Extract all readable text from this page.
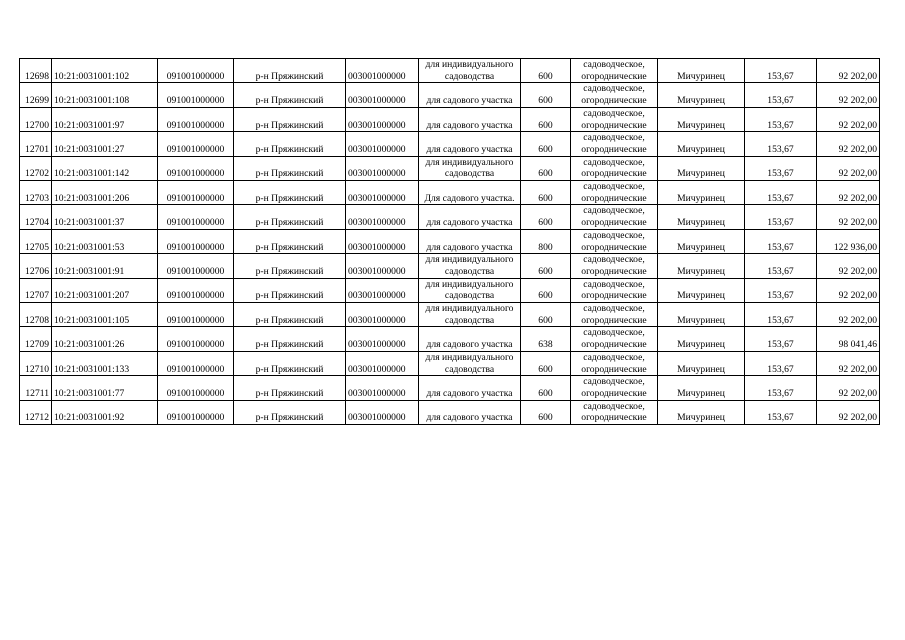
12698	10:21:0031001:102	091001000000	р-н Пряжинский	003001000000	для индивидуального садоводства	600	садоводческое, огороднические	Мичуринец	153,67	92 202,00
12699	10:21:0031001:108	091001000000	р-н Пряжинский	003001000000	для садового участка	600	садоводческое, огороднические	Мичуринец	153,67	92 202,00
12700	10:21:0031001:97	091001000000	р-н Пряжинский	003001000000	для садового участка	600	садоводческое, огороднические	Мичуринец	153,67	92 202,00
12701	10:21:0031001:27	091001000000	р-н Пряжинский	003001000000	для садового участка	600	садоводческое, огороднические	Мичуринец	153,67	92 202,00
12702	10:21:0031001:142	091001000000	р-н Пряжинский	003001000000	для индивидуального садоводства	600	садоводческое, огороднические	Мичуринец	153,67	92 202,00
12703	10:21:0031001:206	091001000000	р-н Пряжинский	003001000000	Для садового участка.	600	садоводческое, огороднические	Мичуринец	153,67	92 202,00
12704	10:21:0031001:37	091001000000	р-н Пряжинский	003001000000	для садового участка	600	садоводческое, огороднические	Мичуринец	153,67	92 202,00
12705	10:21:0031001:53	091001000000	р-н Пряжинский	003001000000	для садового участка	800	садоводческое, огороднические	Мичуринец	153,67	122 936,00
12706	10:21:0031001:91	091001000000	р-н Пряжинский	003001000000	для индивидуального садоводства	600	садоводческое, огороднические	Мичуринец	153,67	92 202,00
12707	10:21:0031001:207	091001000000	р-н Пряжинский	003001000000	для индивидуального садоводства	600	садоводческое, огороднические	Мичуринец	153,67	92 202,00
12708	10:21:0031001:105	091001000000	р-н Пряжинский	003001000000	для индивидуального садоводства	600	садоводческое, огороднические	Мичуринец	153,67	92 202,00
12709	10:21:0031001:26	091001000000	р-н Пряжинский	003001000000	для садового участка	638	садоводческое, огороднические	Мичуринец	153,67	98 041,46
12710	10:21:0031001:133	091001000000	р-н Пряжинский	003001000000	для индивидуального садоводства	600	садоводческое, огороднические	Мичуринец	153,67	92 202,00
12711	10:21:0031001:77	091001000000	р-н Пряжинский	003001000000	для садового участка	600	садоводческое, огороднические	Мичуринец	153,67	92 202,00
12712	10:21:0031001:92	091001000000	р-н Пряжинский	003001000000	для садового участка	600	садоводческое, огороднические	Мичуринец	153,67	92 202,00
